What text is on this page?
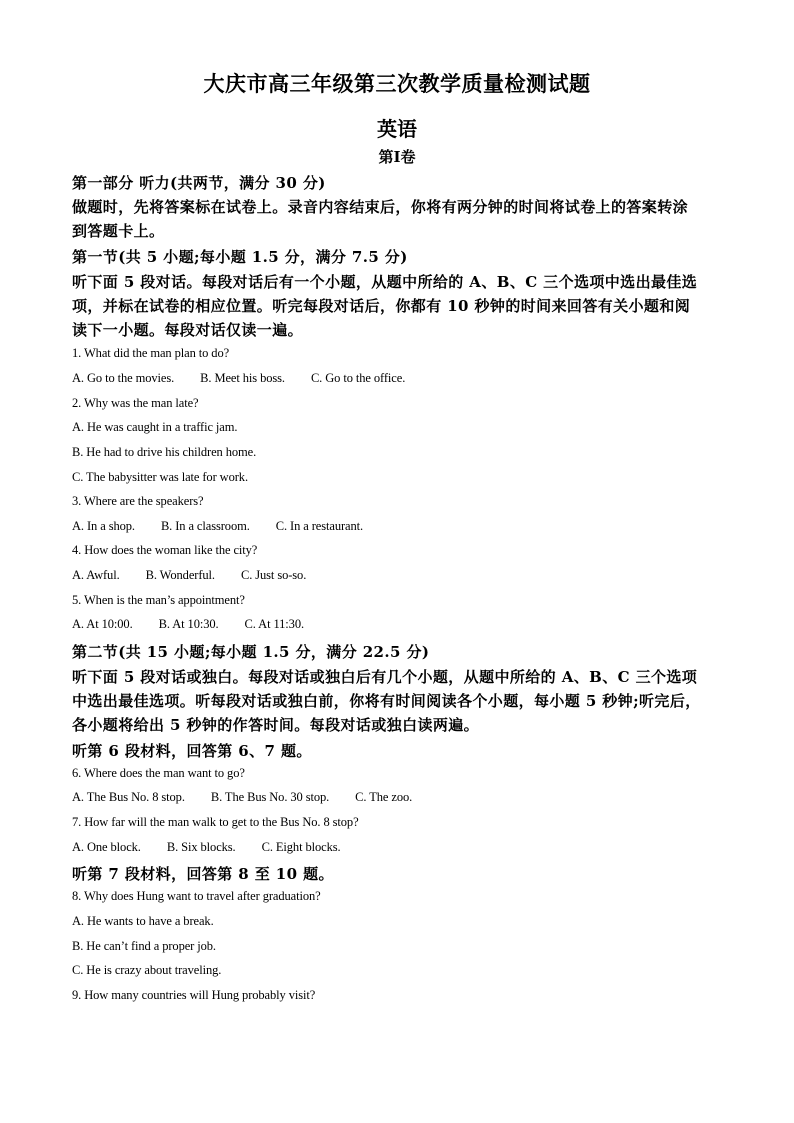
大庆市高三年级第三次教学质量检测试题
英语
第Ⅰ卷
第一部分 听力(共两节，满分 30 分)
做题时，先将答案标在试卷上。录音内容结束后，你将有两分钟的时间将试卷上的答案转涂
到答题卡上。
第一节(共 5 小题;每小题 1.5 分，满分 7.5 分)
听下面 5 段对话。每段对话后有一个小题，从题中所给的 A、B、C 三个选项中选出最佳选
项，并标在试卷的相应位置。听完每段对话后，你都有 10 秒钟的时间来回答有关小题和阅
读下一小题。每段对话仅读一遍。
1. What did the man plan to do?
A. Go to the movies. B. Meet his boss. C. Go to the office.
2. Why was the man late?
A. He was caught in a traffic jam.
B. He had to drive his children home.
C. The babysitter was late for work.
3. Where are the speakers?
A. In a shop. B. In a classroom. C. In a restaurant.
4. How does the woman like the city?
A. Awful. B. Wonderful. C. Just so-so.
5. When is the man’s appointment?
A. At 10:00. B. At 10:30. C. At 11:30.
第二节(共 15 小题;每小题 1.5 分，满分 22.5 分)
听下面 5 段对话或独白。每段对话或独白后有几个小题，从题中所给的 A、B、C 三个选项
中选出最佳选项。听每段对话或独白前，你将有时间阅读各个小题，每小题 5 秒钟;听完后，
各小题将给出 5 秒钟的作答时间。每段对话或独白读两遍。
听第 6 段材料，回答第 6、7 题。
6. Where does the man want to go?
A. The Bus No. 8 stop. B. The Bus No. 30 stop. C. The zoo.
7. How far will the man walk to get to the Bus No. 8 stop?
A. One block. B. Six blocks. C. Eight blocks.
听第 7 段材料，回答第 8 至 10 题。
8. Why does Hung want to travel after graduation?
A. He wants to have a break.
B. He can’t find a proper job.
C. He is crazy about traveling.
9. How many countries will Hung probably visit?
